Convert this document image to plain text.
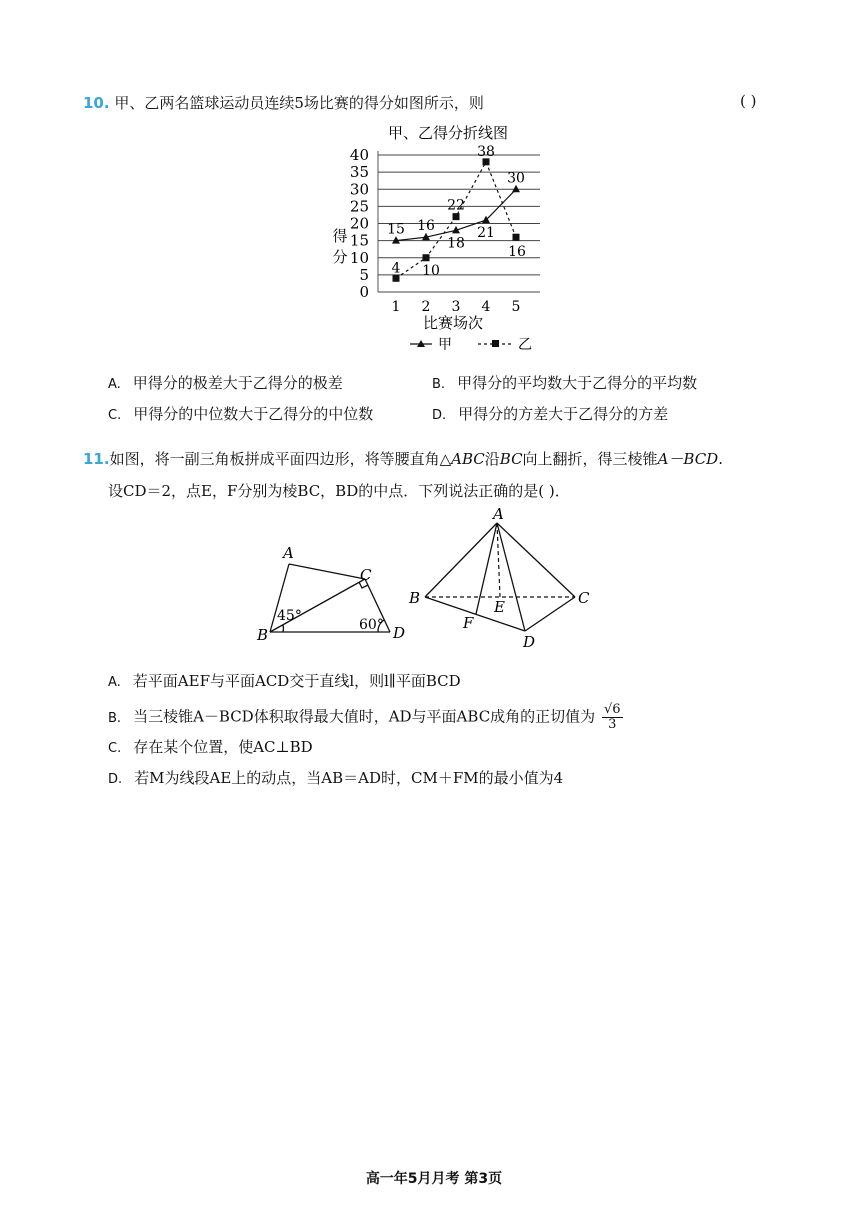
10. 甲、乙两名篮球运动员连续5场比赛的得分如图所示，则	( )
甲、乙得分折线图
0
5
10
15
20
25
30
35
40
1 2 3 4 5
得
分
15 16
18
21
30
4 10
22
38
16
比赛场次
甲	乙
A. 甲得分的极差大于乙得分的极差	B. 甲得分的平均数大于乙得分的平均数
C. 甲得分的中位数大于乙得分的中位数	D. 甲得分的方差大于乙得分的方差
11.如图，将一副三角板拼成平面四边形，将等腰直角△ABC沿BC向上翻折，得三棱锥A－BCD.
设CD＝2，点E，F分别为棱BC，BD的中点．下列说法正确的是( )．
A
C
B	D
45°
60°
A
B	C
D
E
F
A. 若平面AEF与平面ACD交于直线l，则l∥平面BCD
B. 当三棱锥A－BCD体积取得最大值时，AD与平面ABC成角的正切值为 $\frac{√6}{3}$
C. 存在某个位置，使AC⊥BD
D. 若M为线段AE上的动点，当AB＝AD时，CM＋FM的最小值为4
高一年5月月考 第3页
